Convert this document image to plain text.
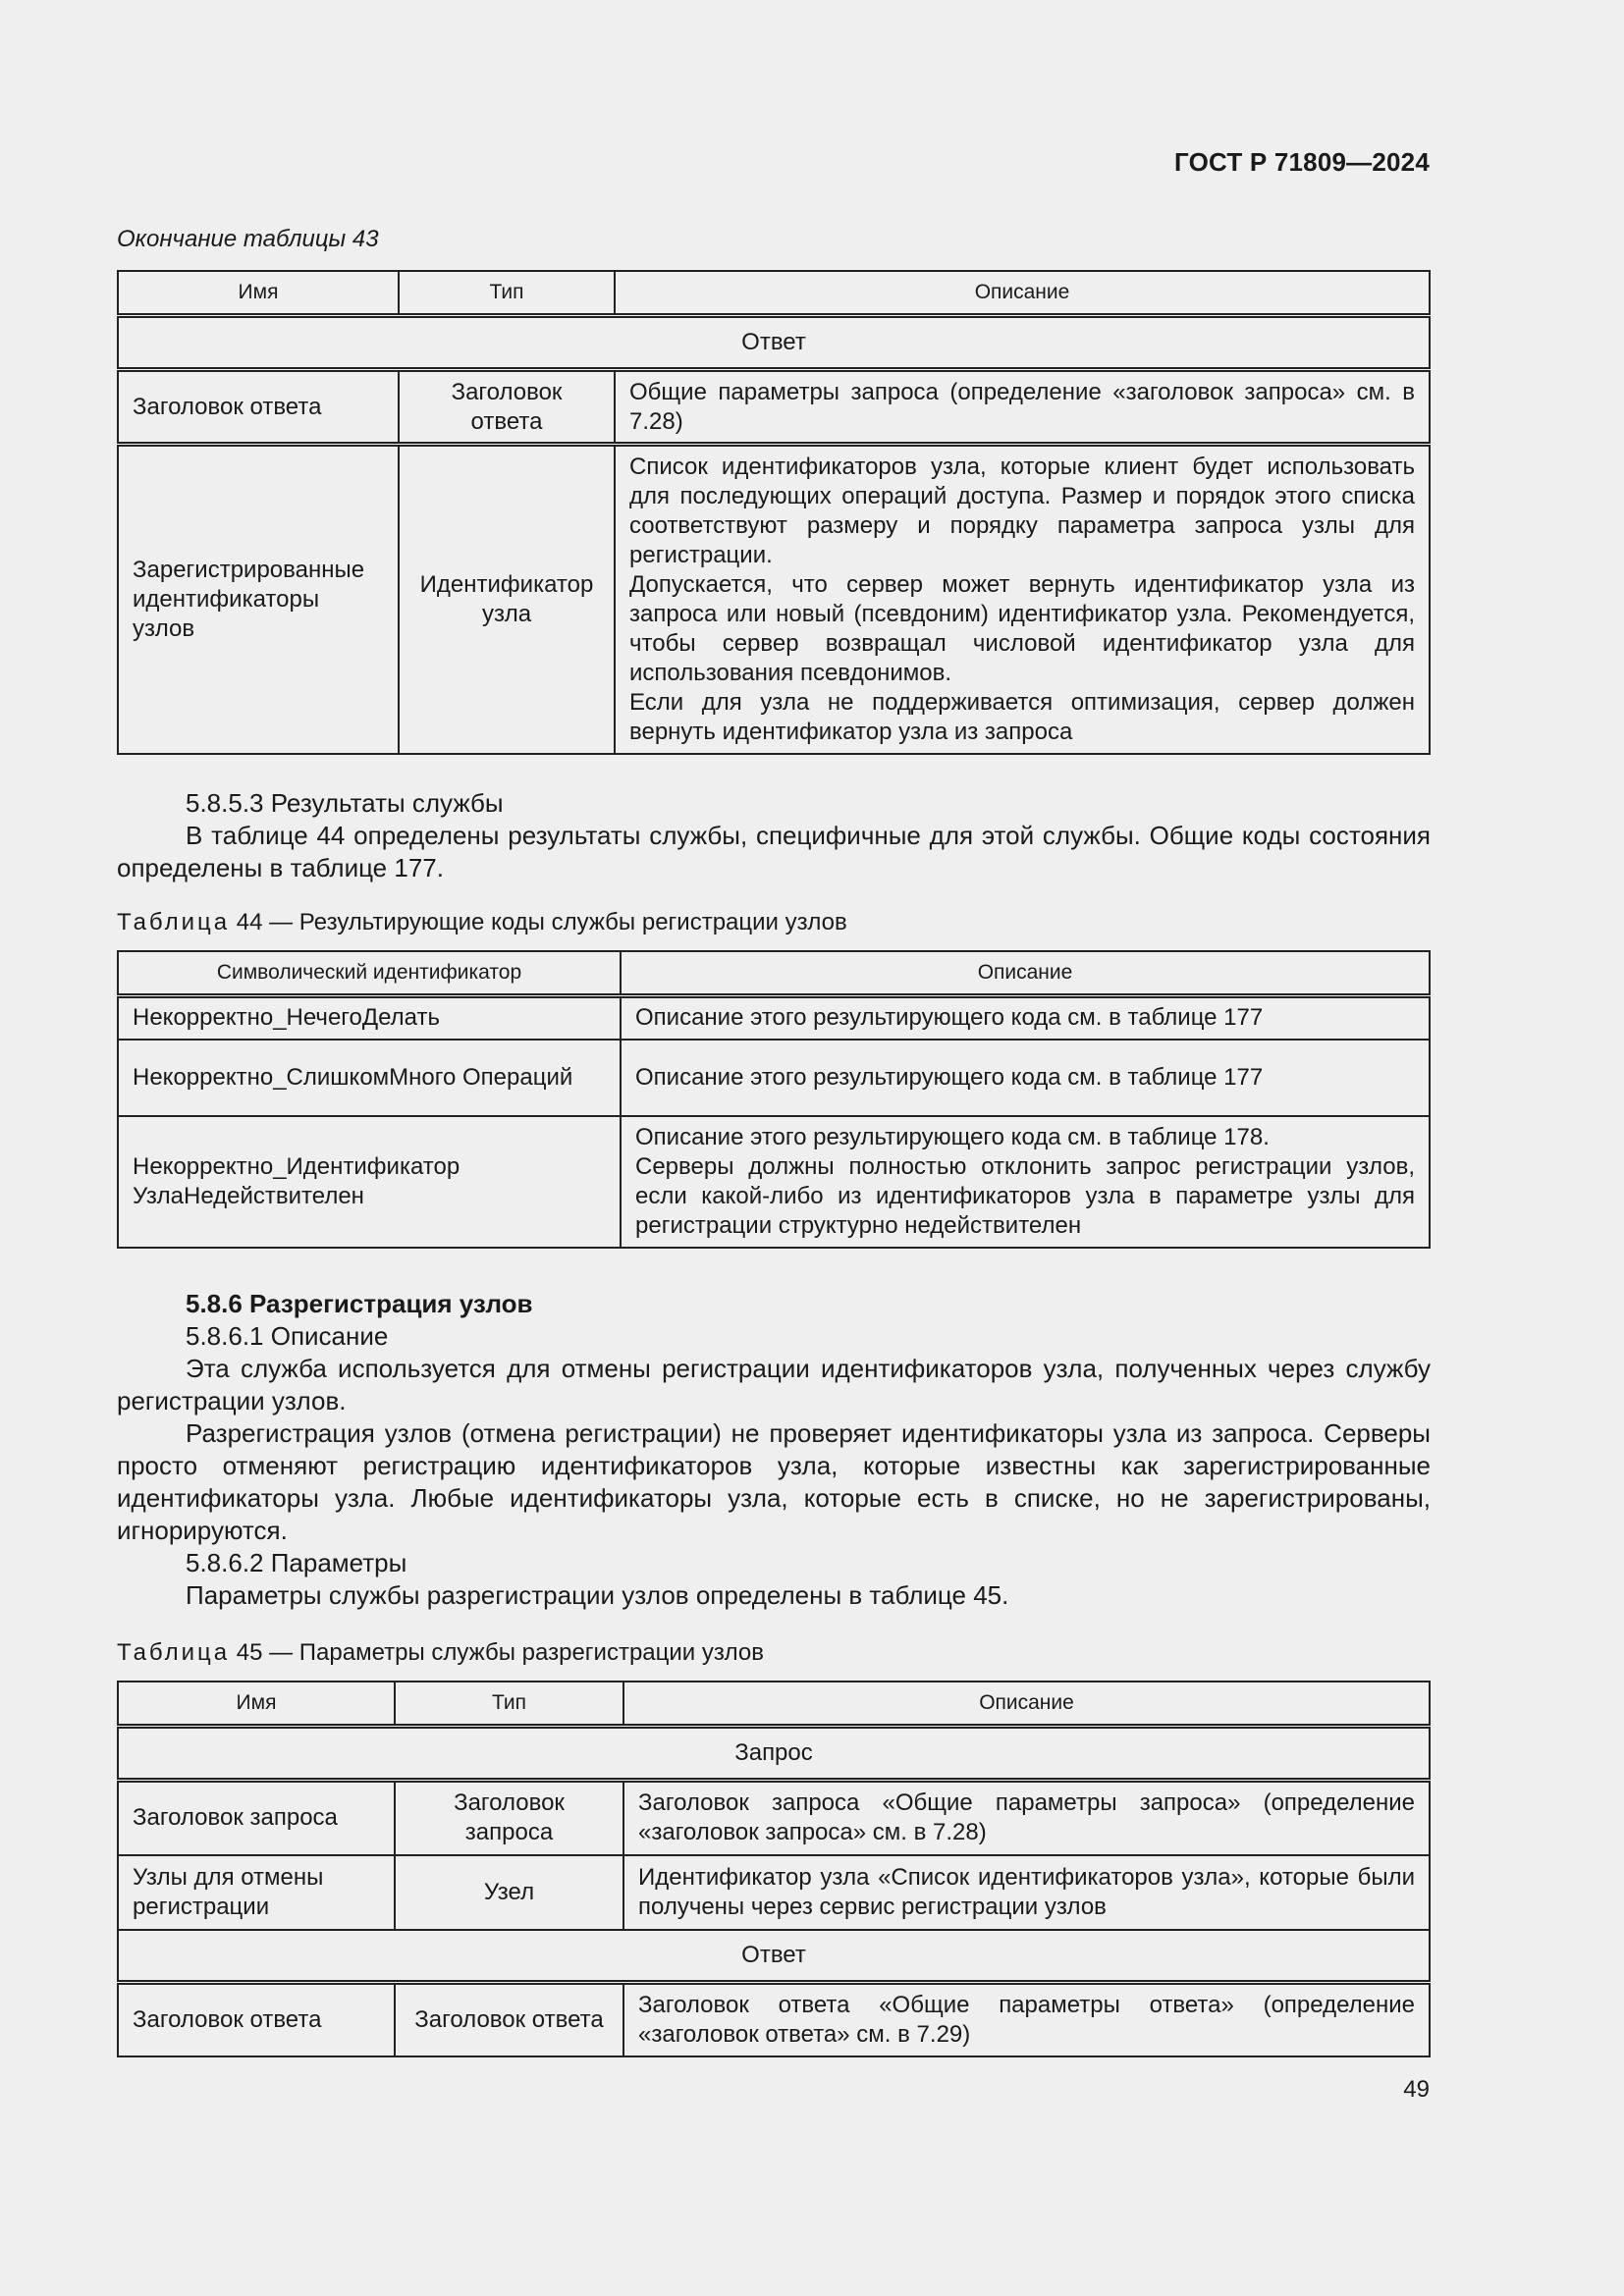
ГОСТ Р 71809—2024
Окончание таблицы 43
Имя	Тип	Описание
Ответ		
Заголовок ответа	Заголовок ответа	Общие параметры запроса (определение «заголовок запроса» см. в 7.28)
Зарегистрированные идентификаторы узлов	Идентификатор узла	Список идентификаторов узла, которые клиент будет использовать для последующих операций доступа. Размер и порядок этого списка соответствуют размеру и порядку параметра запроса узлы для регистрации.
Допускается, что сервер может вернуть идентификатор узла из запроса или новый (псевдоним) идентификатор узла. Рекомендуется, чтобы сервер возвращал числовой идентификатор узла для использования псевдонимов.
Если для узла не поддерживается оптимизация, сервер должен вернуть идентификатор узла из запроса

5.8.5.3 Результаты службы

В таблице 44 определены результаты службы, специфичные для этой службы. Общие коды состояния определены в таблице 177.

Таблица 44 — Результирующие коды службы регистрации узлов
Символический идентификатор	Описание
Некорректно_НечегоДелать	Описание этого результирующего кода см. в таблице 177
Некорректно_СлишкомМного Операций	Описание этого результирующего кода см. в таблице 177
Некорректно_Идентификатор УзлаНедействителен	Описание этого результирующего кода см. в таблице 178.
Серверы должны полностью отклонить запрос регистрации узлов, если какой-либо из идентификаторов узла в параметре узлы для регистрации структурно недействителен

5.8.6 Разрегистрация узлов

5.8.6.1 Описание

Эта служба используется для отмены регистрации идентификаторов узла, полученных через службу регистрации узлов.

Разрегистрация узлов (отмена регистрации) не проверяет идентификаторы узла из запроса. Серверы просто отменяют регистрацию идентификаторов узла, которые известны как зарегистрированные идентификаторы узла. Любые идентификаторы узла, которые есть в списке, но не зарегистрированы, игнорируются.

5.8.6.2 Параметры

Параметры службы разрегистрации узлов определены в таблице 45.

Таблица 45 — Параметры службы разрегистрации узлов
Имя	Тип	Описание
Запрос		
Заголовок запроса	Заголовок запроса	Заголовок запроса «Общие параметры запроса» (определение «заголовок запроса» см. в 7.28)
Узлы для отмены регистрации	Узел	Идентификатор узла «Список идентификаторов узла», которые были получены через сервис регистрации узлов
Ответ		
Заголовок ответа	Заголовок ответа	Заголовок ответа «Общие параметры ответа» (определение «заголовок ответа» см. в 7.29)
49
